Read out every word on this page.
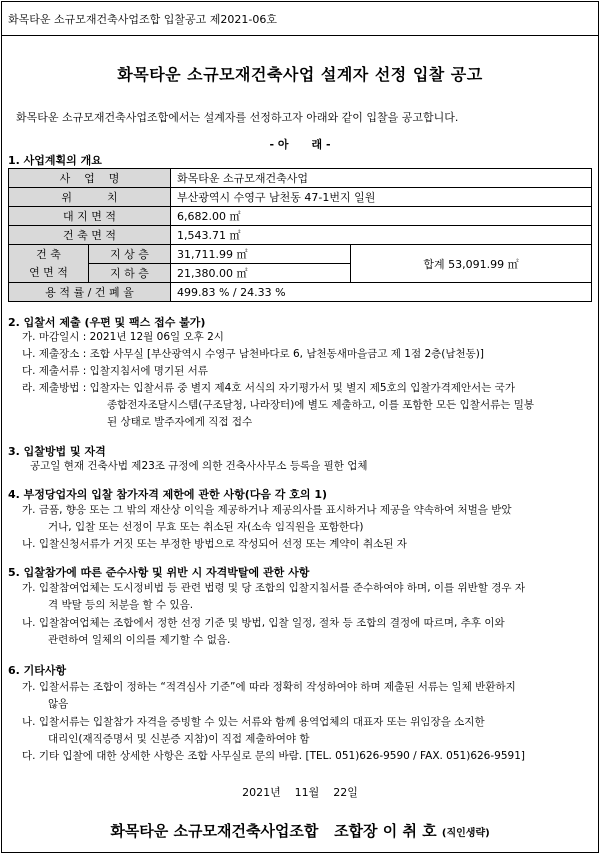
화목타운 소규모재건축사업조합 입찰공고 제2021-06호
화목타운 소규모재건축사업 설계자 선정 입찰 공고
화목타운 소규모재건축사업조합에서는 설계자를 선정하고자 아래와 같이 입찰을 공고합니다.
- 아      래 -
1. 사업계획의 개요
사    업    명		화목타운 소규모재건축사업	
위          치		부산광역시 수영구 남천동 47-1번지 일원	
대 지 면 적		6,682.00 ㎡	
건 축 면 적		1,543.71 ㎡	
건 축
연 면 적	지 상 층	31,711.99 ㎡	합계 53,091.99 ㎡
	지 하 층	21,380.00 ㎡	
용 적 률 / 건 폐 율		499.83 % / 24.33 %	
2. 입찰서 제출 (우편 및 팩스 접수 불가)
가. 마감일시 : 2021년 12월 06일 오후 2시
나. 제출장소 : 조합 사무실 [부산광역시 수영구 남천바다로 6, 남천동새마을금고 제 1점 2층(남천동)]
다. 제출서류 : 입찰지침서에 명기된 서류
라. 제출방법 : 입찰자는 입찰서류 중 별지 제4호 서식의 자기평가서 및 별지 제5호의 입찰가격제안서는 국가
종합전자조달시스템(구조달청, 나라장터)에 별도 제출하고, 이를 포함한 모든 입찰서류는 밀봉
된 상태로 발주자에게 직접 접수
3. 입찰방법 및 자격
공고일 현재 건축사법 제23조 규정에 의한 건축사사무소 등록을 필한 업체
4. 부정당업자의 입찰 참가자격 제한에 관한 사항(다음 각 호의 1)
가. 금품, 향응 또는 그 밖의 재산상 이익을 제공하거나 제공의사를 표시하거나 제공을 약속하여 처벌을 받았
거나, 입찰 또는 선정이 무효 또는 취소된 자(소속 임직원을 포함한다)
나. 입찰신청서류가 거짓 또는 부정한 방법으로 작성되어 선정 또는 계약이 취소된 자
5. 입찰참가에 따른 준수사항 및 위반 시 자격박탈에 관한 사항
가. 입찰참여업체는 도시정비법 등 관련 법령 및 당 조합의 입찰지침서를 준수하여야 하며, 이를 위반할 경우 자
격 박탈 등의 처분을 할 수 있음.
나. 입찰참여업체는 조합에서 정한 선정 기준 및 방법, 입찰 일정, 절차 등 조합의 결정에 따르며, 추후 이와
관련하여 일체의 이의를 제기할 수 없음.
6. 기타사항
가. 입찰서류는 조합이 정하는 “적격심사 기준”에 따라 정확히 작성하여야 하며 제출된 서류는 일체 반환하지
않음
나. 입찰서류는 입찰참가 자격을 증빙할 수 있는 서류와 함께 용역업체의 대표자 또는 위임장을 소지한
대리인(재직증명서 및 신분증 지참)이 직접 제출하여야 함
다. 기타 입찰에 대한 상세한 사항은 조합 사무실로 문의 바람. [TEL. 051)626-9590 / FAX. 051)626-9591]
2021년    11월    22일
화목타운 소규모재건축사업조합   조합장 이 취 호 (직인생략)
